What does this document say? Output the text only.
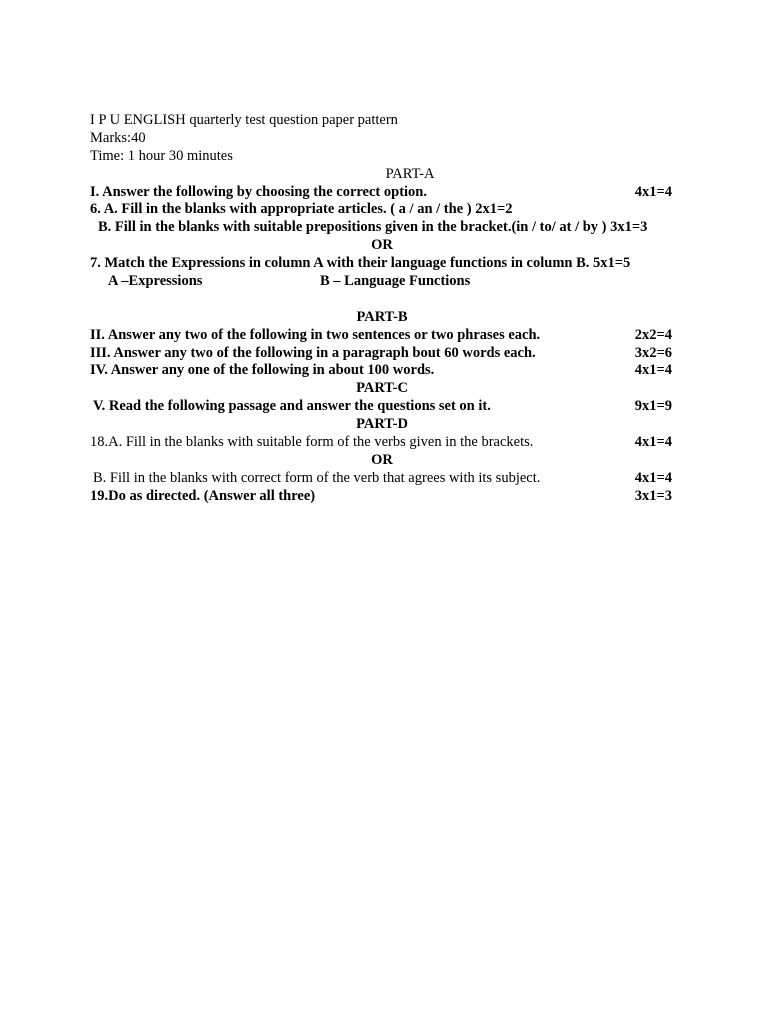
I P U ENGLISH quarterly test question paper pattern
Marks:40
Time: 1 hour 30 minutes
PART-A
I. Answer the following by choosing the correct option.	4x1=4
6. A. Fill in the blanks with appropriate articles. ( a / an / the ) 2x1=2
B. Fill in the blanks with suitable prepositions given in the bracket.(in / to/ at / by ) 3x1=3
OR
7. Match the Expressions in column A with their language functions in column B. 5x1=5
A –Expressions	B – Language Functions
PART-B
II. Answer any two of the following in two sentences or two phrases each.	2x2=4
III. Answer any two of the following in a paragraph bout 60 words each.	3x2=6
IV. Answer any one of the following in about 100 words.	4x1=4
PART-C
V. Read the following passage and answer the questions set on it.	9x1=9
PART-D
18.A. Fill in the blanks with suitable form of the verbs given in the brackets.	4x1=4
OR
B. Fill in the blanks with correct form of the verb that agrees with its subject.	4x1=4
19.Do as directed. (Answer all three)	3x1=3
